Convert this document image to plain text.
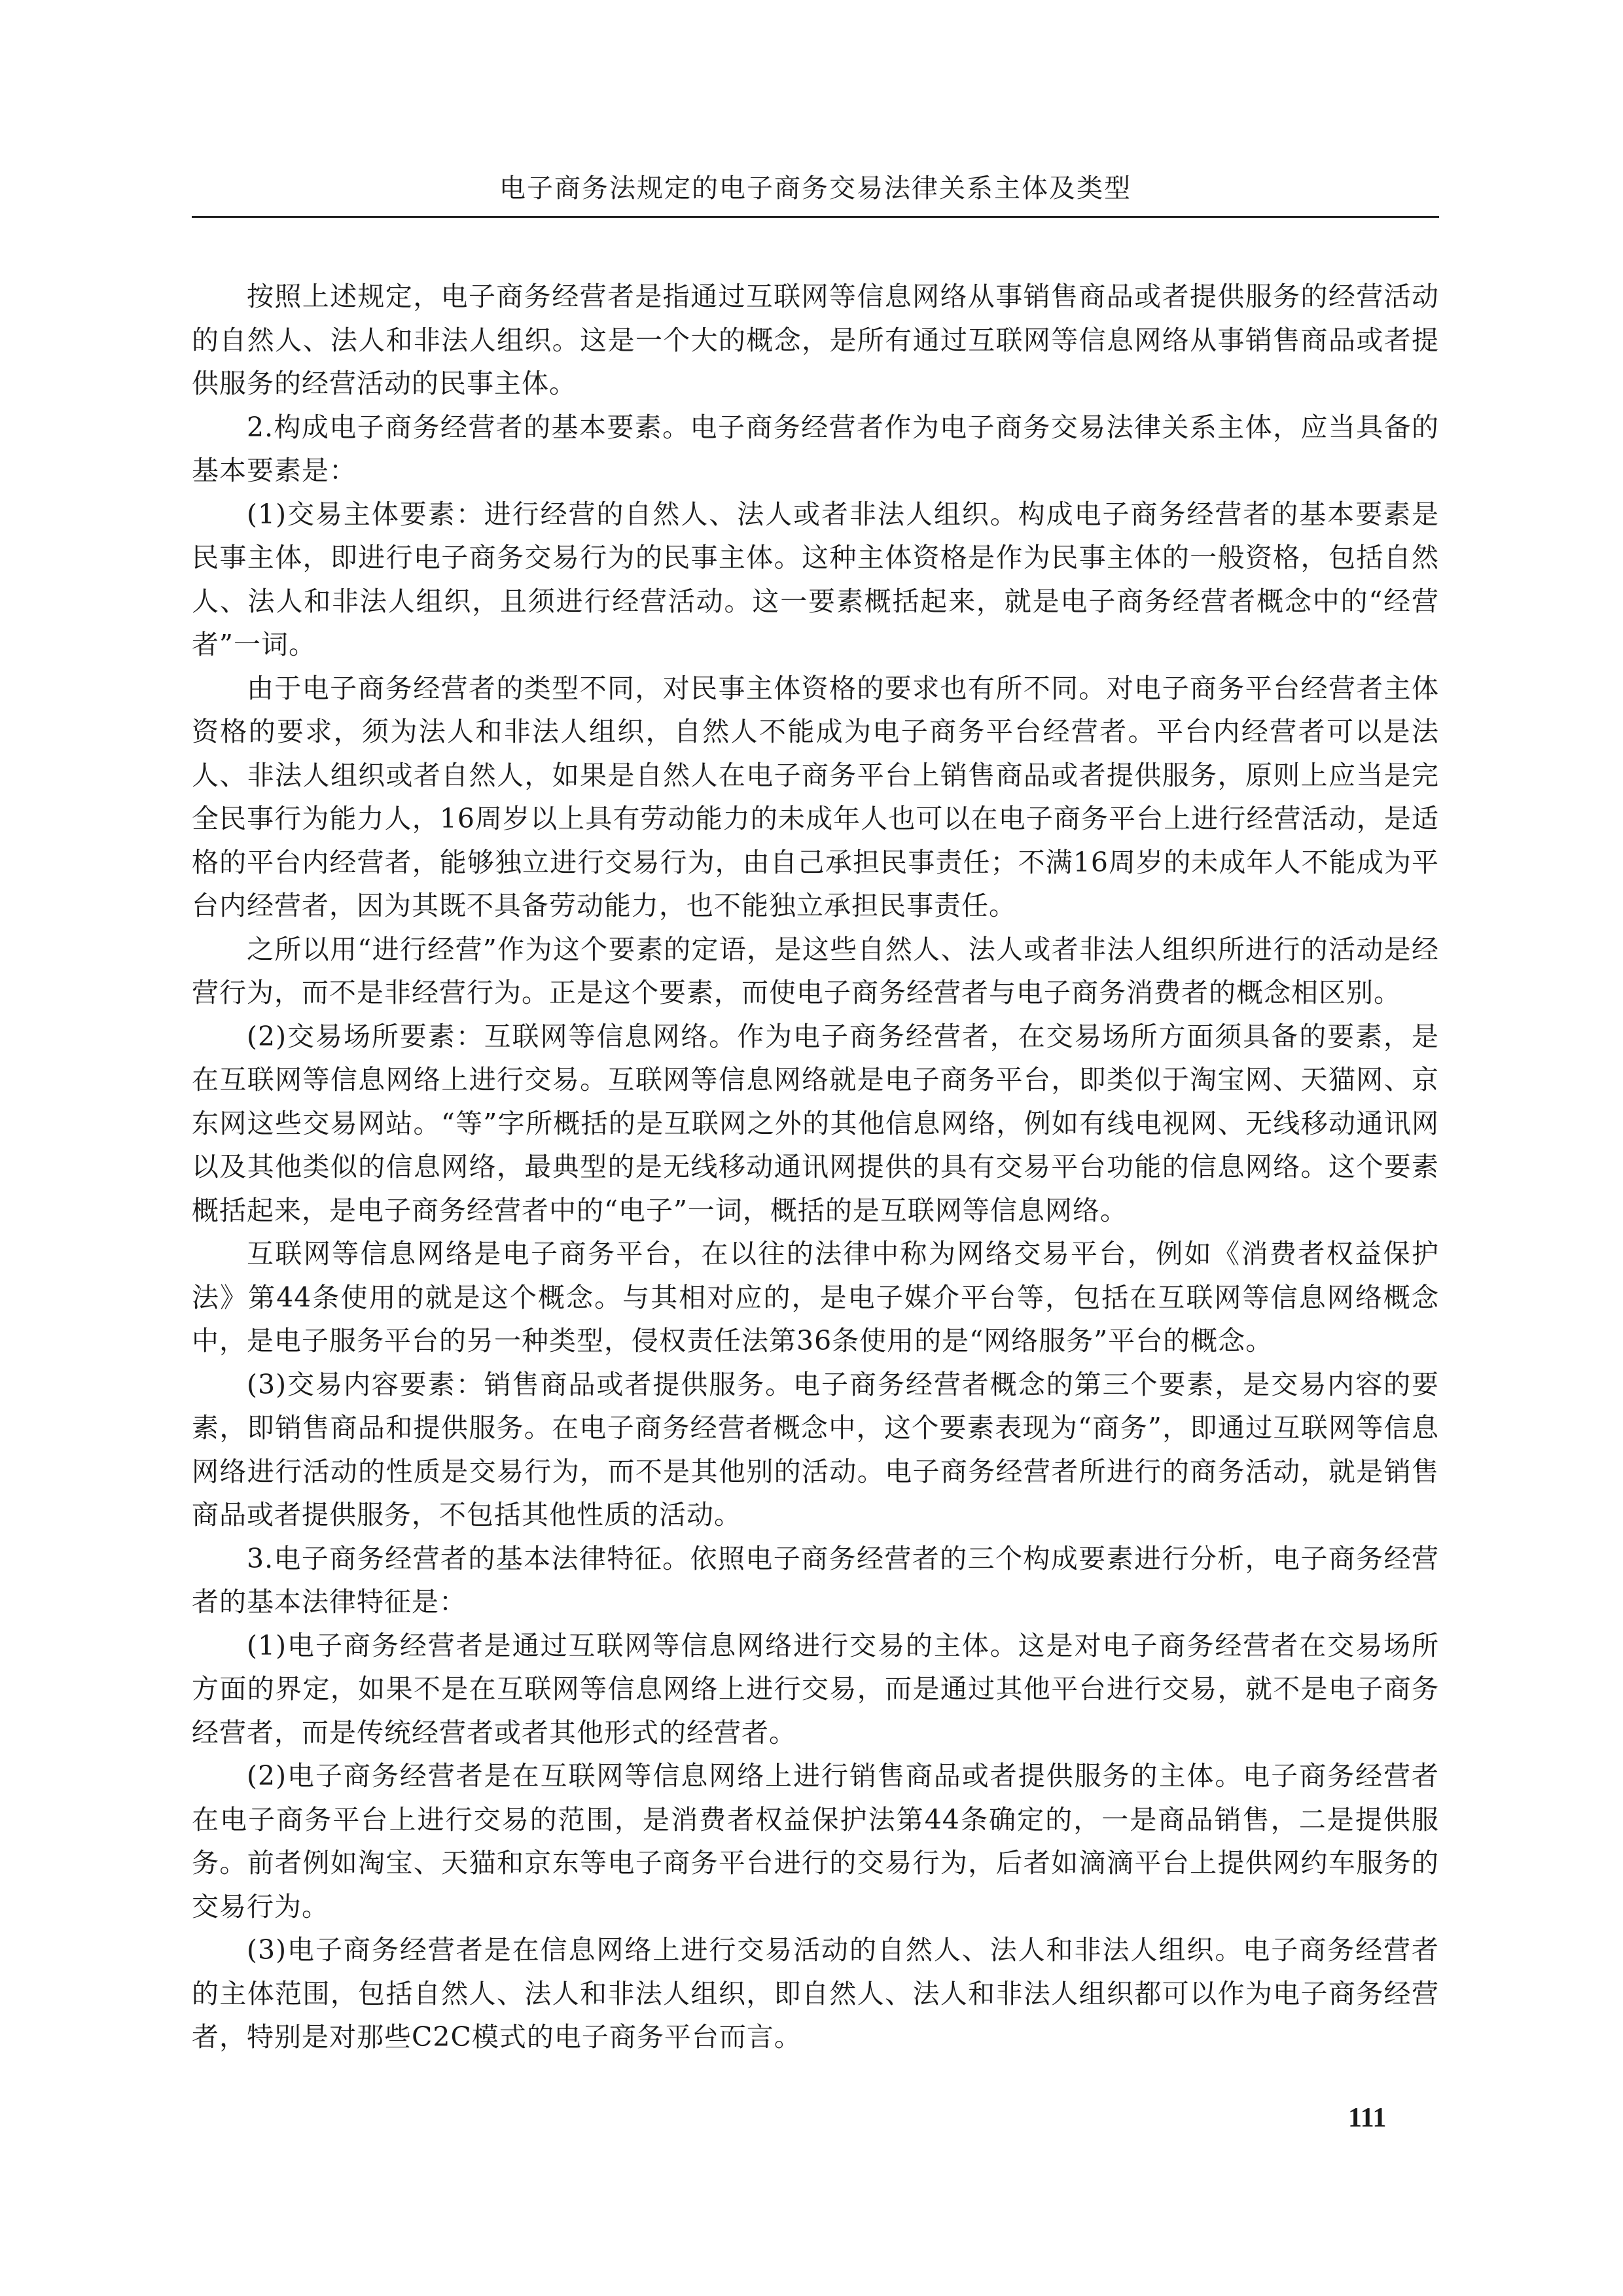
电子商务法规定的电子商务交易法律关系主体及类型

按照上述规定，电子商务经营者是指通过互联网等信息网络从事销售商品或者提供服务的经营活动的自然人、法人和非法人组织。这是一个大的概念，是所有通过互联网等信息网络从事销售商品或者提供服务的经营活动的民事主体。

2.构成电子商务经营者的基本要素。电子商务经营者作为电子商务交易法律关系主体，应当具备的基本要素是：

(1)交易主体要素：进行经营的自然人、法人或者非法人组织。构成电子商务经营者的基本要素是民事主体，即进行电子商务交易行为的民事主体。这种主体资格是作为民事主体的一般资格，包括自然人、法人和非法人组织，且须进行经营活动。这一要素概括起来，就是电子商务经营者概念中的“经营者”一词。

由于电子商务经营者的类型不同，对民事主体资格的要求也有所不同。对电子商务平台经营者主体资格的要求，须为法人和非法人组织，自然人不能成为电子商务平台经营者。平台内经营者可以是法人、非法人组织或者自然人，如果是自然人在电子商务平台上销售商品或者提供服务，原则上应当是完全民事行为能力人，16周岁以上具有劳动能力的未成年人也可以在电子商务平台上进行经营活动，是适格的平台内经营者，能够独立进行交易行为，由自己承担民事责任；不满16周岁的未成年人不能成为平台内经营者，因为其既不具备劳动能力，也不能独立承担民事责任。

之所以用“进行经营”作为这个要素的定语，是这些自然人、法人或者非法人组织所进行的活动是经营行为，而不是非经营行为。正是这个要素，而使电子商务经营者与电子商务消费者的概念相区别。

(2)交易场所要素：互联网等信息网络。作为电子商务经营者，在交易场所方面须具备的要素，是在互联网等信息网络上进行交易。互联网等信息网络就是电子商务平台，即类似于淘宝网、天猫网、京东网这些交易网站。“等”字所概括的是互联网之外的其他信息网络，例如有线电视网、无线移动通讯网以及其他类似的信息网络，最典型的是无线移动通讯网提供的具有交易平台功能的信息网络。这个要素概括起来，是电子商务经营者中的“电子”一词，概括的是互联网等信息网络。

互联网等信息网络是电子商务平台，在以往的法律中称为网络交易平台，例如《消费者权益保护法》第44条使用的就是这个概念。与其相对应的，是电子媒介平台等，包括在互联网等信息网络概念中，是电子服务平台的另一种类型，侵权责任法第36条使用的是“网络服务”平台的概念。

(3)交易内容要素：销售商品或者提供服务。电子商务经营者概念的第三个要素，是交易内容的要素，即销售商品和提供服务。在电子商务经营者概念中，这个要素表现为“商务”，即通过互联网等信息网络进行活动的性质是交易行为，而不是其他别的活动。电子商务经营者所进行的商务活动，就是销售商品或者提供服务，不包括其他性质的活动。

3.电子商务经营者的基本法律特征。依照电子商务经营者的三个构成要素进行分析，电子商务经营者的基本法律特征是：

(1)电子商务经营者是通过互联网等信息网络进行交易的主体。这是对电子商务经营者在交易场所方面的界定，如果不是在互联网等信息网络上进行交易，而是通过其他平台进行交易，就不是电子商务经营者，而是传统经营者或者其他形式的经营者。

(2)电子商务经营者是在互联网等信息网络上进行销售商品或者提供服务的主体。电子商务经营者在电子商务平台上进行交易的范围，是消费者权益保护法第44条确定的，一是商品销售，二是提供服务。前者例如淘宝、天猫和京东等电子商务平台进行的交易行为，后者如滴滴平台上提供网约车服务的交易行为。

(3)电子商务经营者是在信息网络上进行交易活动的自然人、法人和非法人组织。电子商务经营者的主体范围，包括自然人、法人和非法人组织，即自然人、法人和非法人组织都可以作为电子商务经营者，特别是对那些C2C模式的电子商务平台而言。

111
